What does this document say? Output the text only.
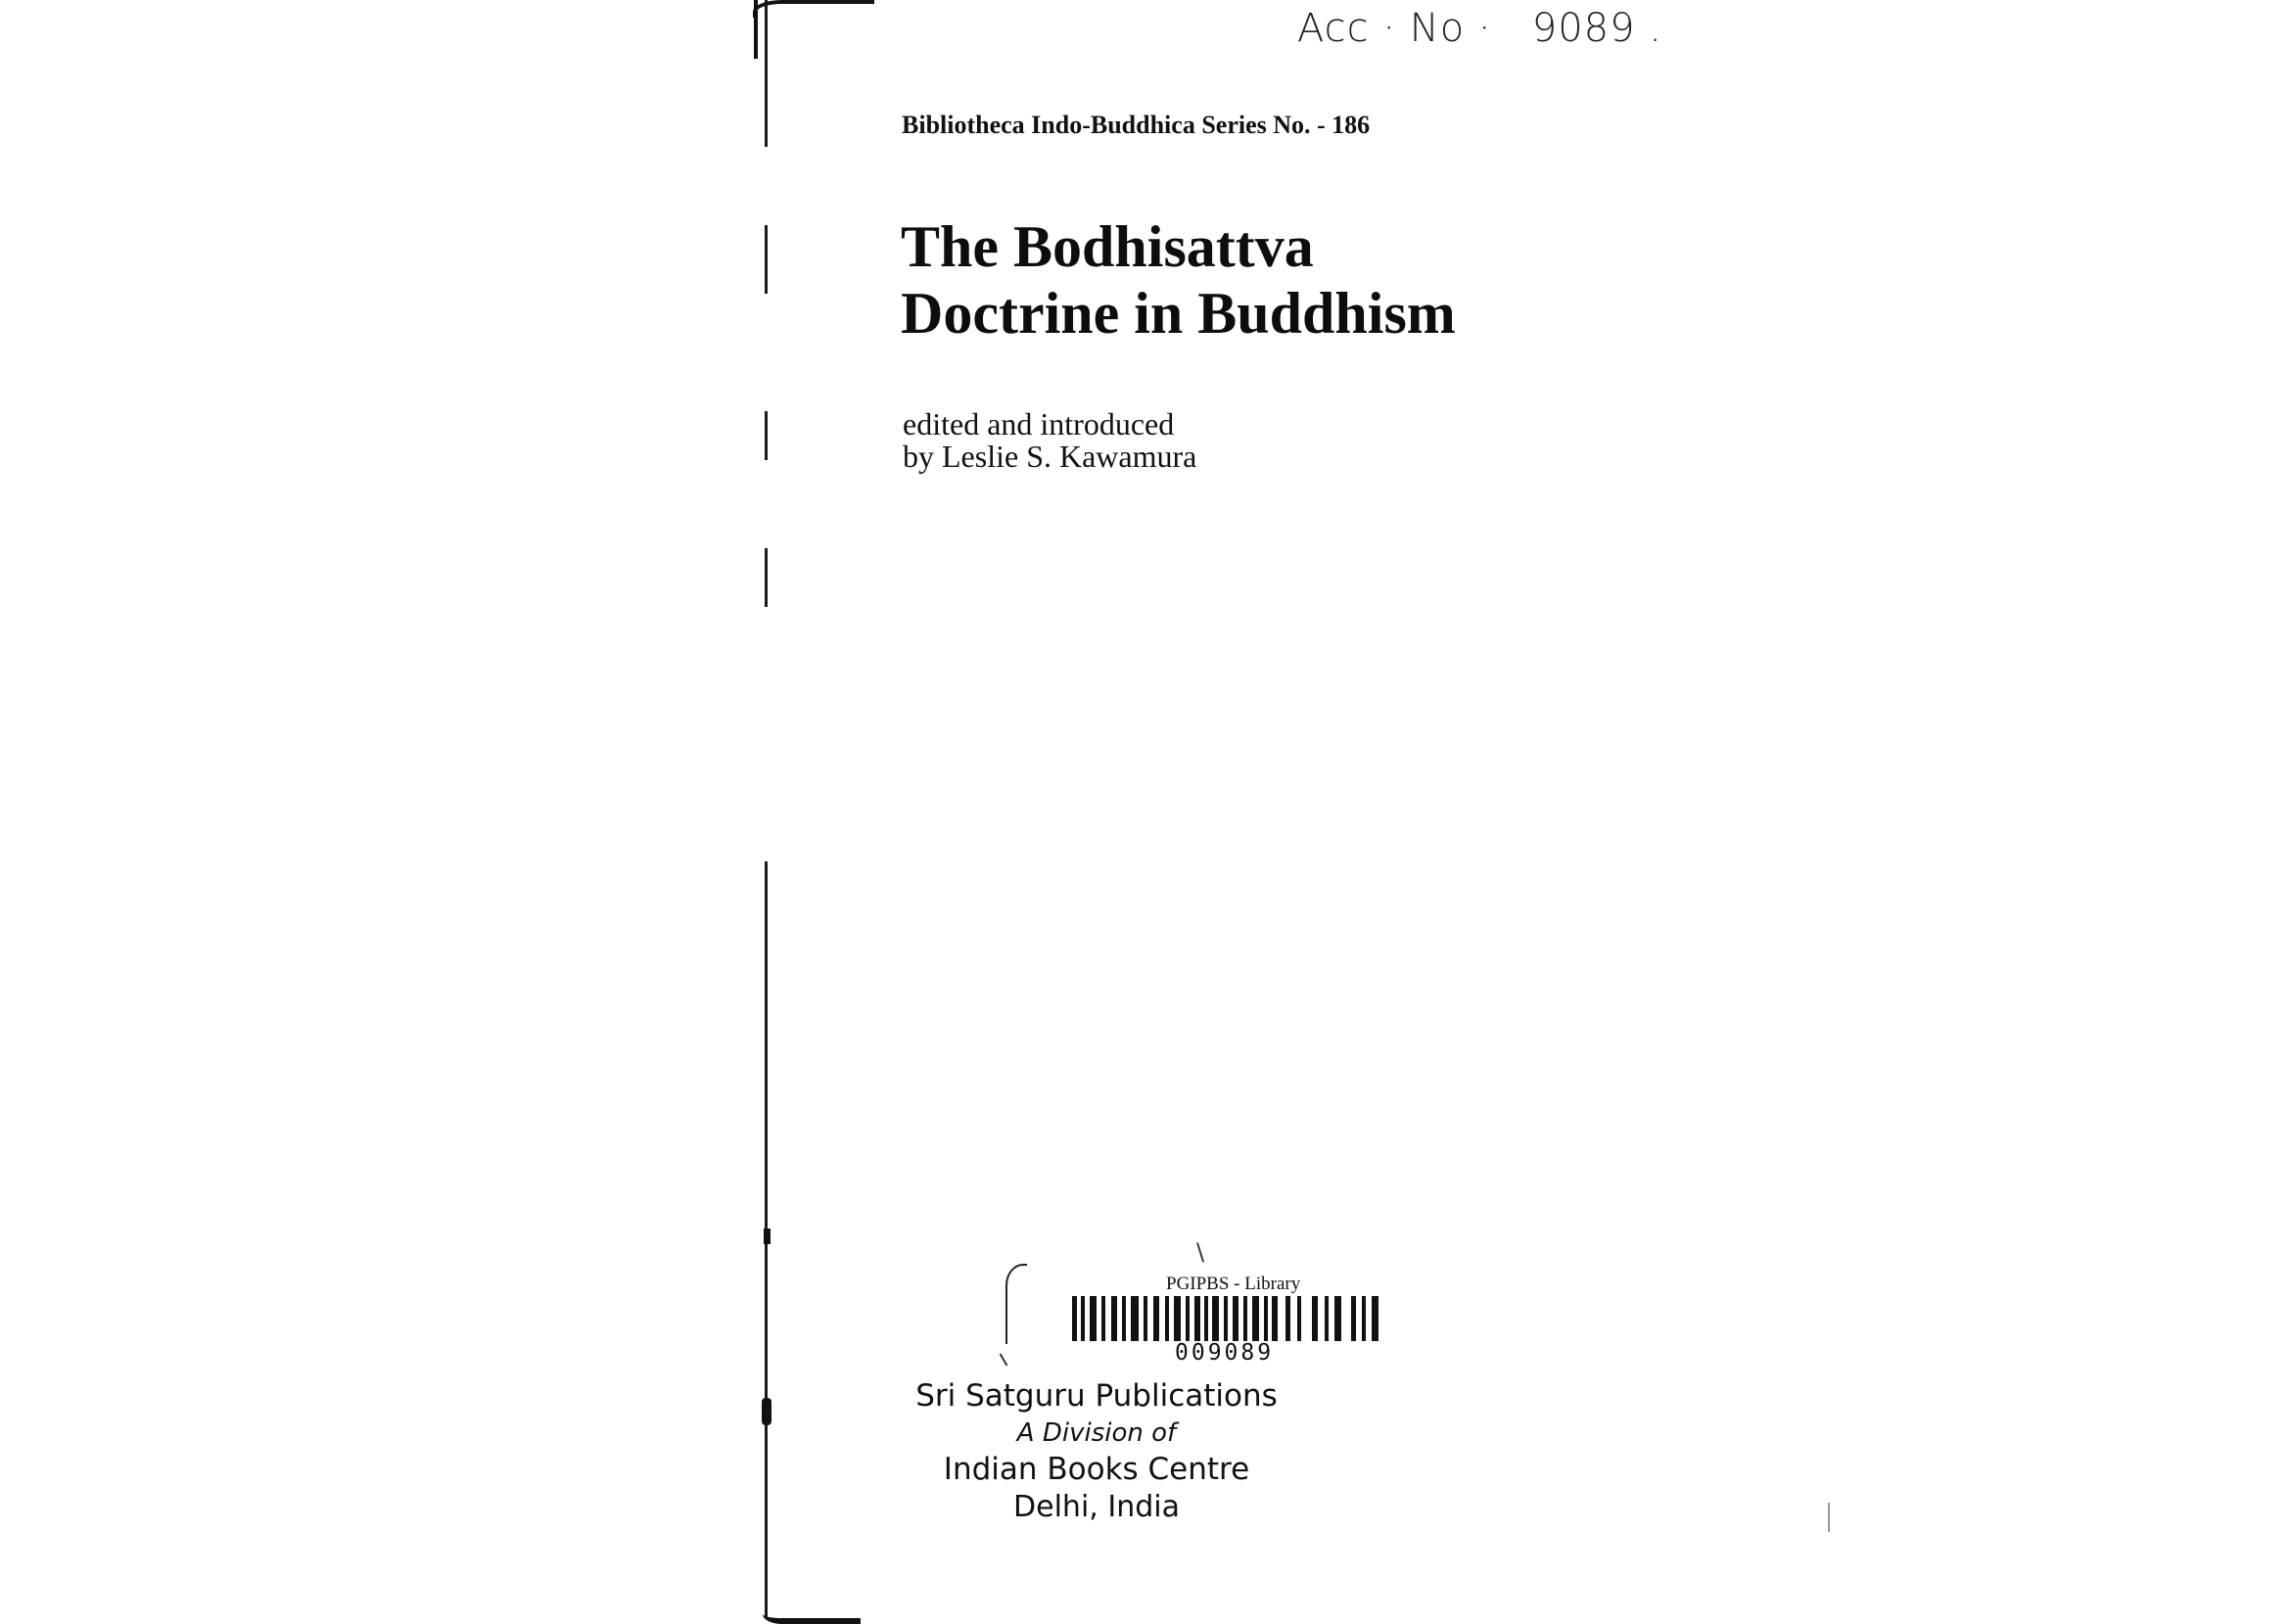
Acc · No ·   9089 .
Bibliotheca Indo-Buddhica Series No. - 186
The Bodhisattva
Doctrine in Buddhism
edited and introduced
by Leslie S. Kawamura
\
PGIPBS - Library
009089
Sri Satguru Publications
A Division of
Indian Books Centre
Delhi, India
